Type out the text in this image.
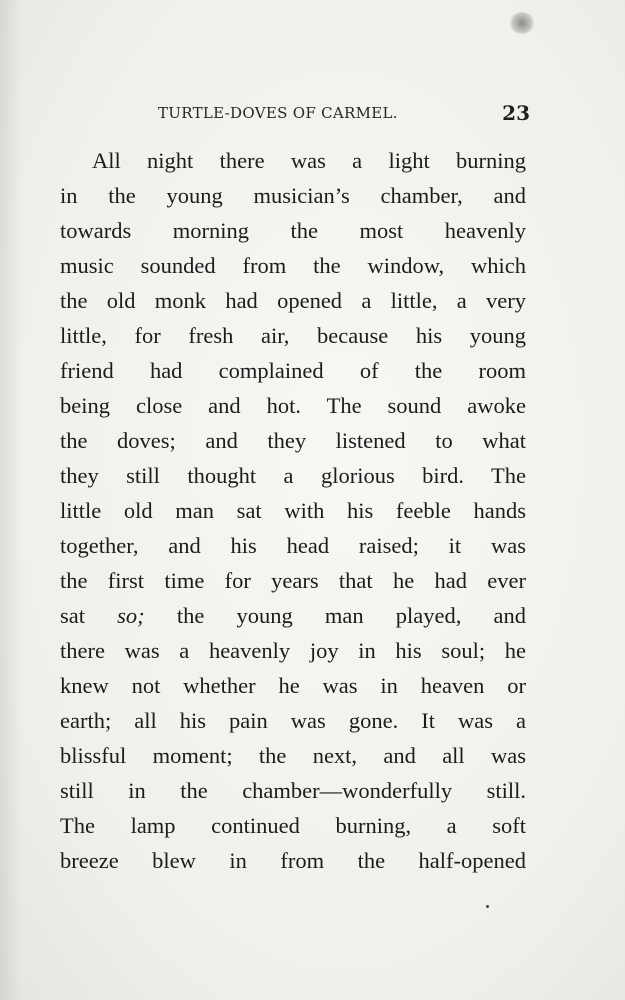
TURTLE-DOVES OF CARMEL.	23
All night there was a light burning
in the young musician’s chamber, and
towards morning the most heavenly
music sounded from the window, which
the old monk had opened a little, a very
little, for fresh air, because his young
friend had complained of the room
being close and hot. The sound awoke
the doves; and they listened to what
they still thought a glorious bird. The
little old man sat with his feeble hands
together, and his head raised; it was
the first time for years that he had ever
sat so; the young man played, and
there was a heavenly joy in his soul; he
knew not whether he was in heaven or
earth; all his pain was gone. It was a
blissful moment; the next, and all was
still in the chamber—wonderfully still.
The lamp continued burning, a soft
breeze blew in from the half-opened
